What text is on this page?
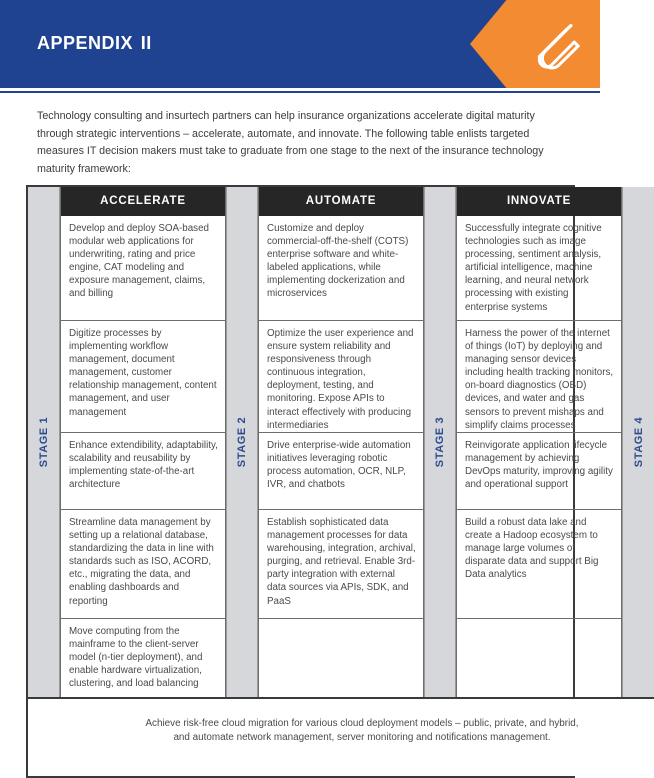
appendix ii
Technology consulting and insurtech partners can help insurance organizations accelerate digital maturity through strategic interventions – accelerate, automate, and innovate. The following table enlists targeted measures IT decision makers must take to graduate from one stage to the next of the insurance technology maturity framework:
STAGE 1
ACCELERATE
Develop and deploy SOA-based modular web applications for underwriting, rating and price engine, CAT modeling and exposure management, claims, and billing
Digitize processes by implementing workflow management, document management, customer relationship management, content management, and user management
Enhance extendibility, adaptability, scalability and reusability by implementing state-of-the-art architecture
Streamline data management by setting up a relational database, standardizing the data in line with standards such as ISO, ACORD, etc., migrating the data, and enabling dashboards and reporting
Move computing from the mainframe to the client-server model (n-tier deployment), and enable hardware virtualization, clustering, and load balancing
STAGE 2
AUTOMATE
Customize and deploy commercial-off-the-shelf (COTS) enterprise software and white-labeled applications, while implementing dockerization and microservices
Optimize the user experience and ensure system reliability and responsiveness through continuous integration, deployment, testing, and monitoring. Expose APIs to interact effectively with producing intermediaries
Drive enterprise-wide automation initiatives leveraging robotic process automation, OCR, NLP, IVR, and chatbots
Establish sophisticated data management processes for data warehousing, integration, archival, purging, and retrieval. Enable 3rd-party integration with external data sources via APIs, SDK, and PaaS
STAGE 3
INNOVATE
Successfully integrate cognitive technologies such as image processing, sentiment analysis, artificial intelligence, machine learning, and neural network processing with existing enterprise systems
Harness the power of the internet of things (IoT) by deploying and managing sensor devices including health tracking monitors, on-board diagnostics (OBD) devices, and water and gas sensors to prevent mishaps and simplify claims processes
Reinvigorate application lifecycle management by achieving DevOps maturity, improving agility and operational support
Build a robust data lake and create a Hadoop ecosystem to manage large volumes of disparate data and support Big Data analytics
STAGE 4
Achieve risk-free cloud migration for various cloud deployment models – public, private, and hybrid, and automate network management, server monitoring and notifications management.
